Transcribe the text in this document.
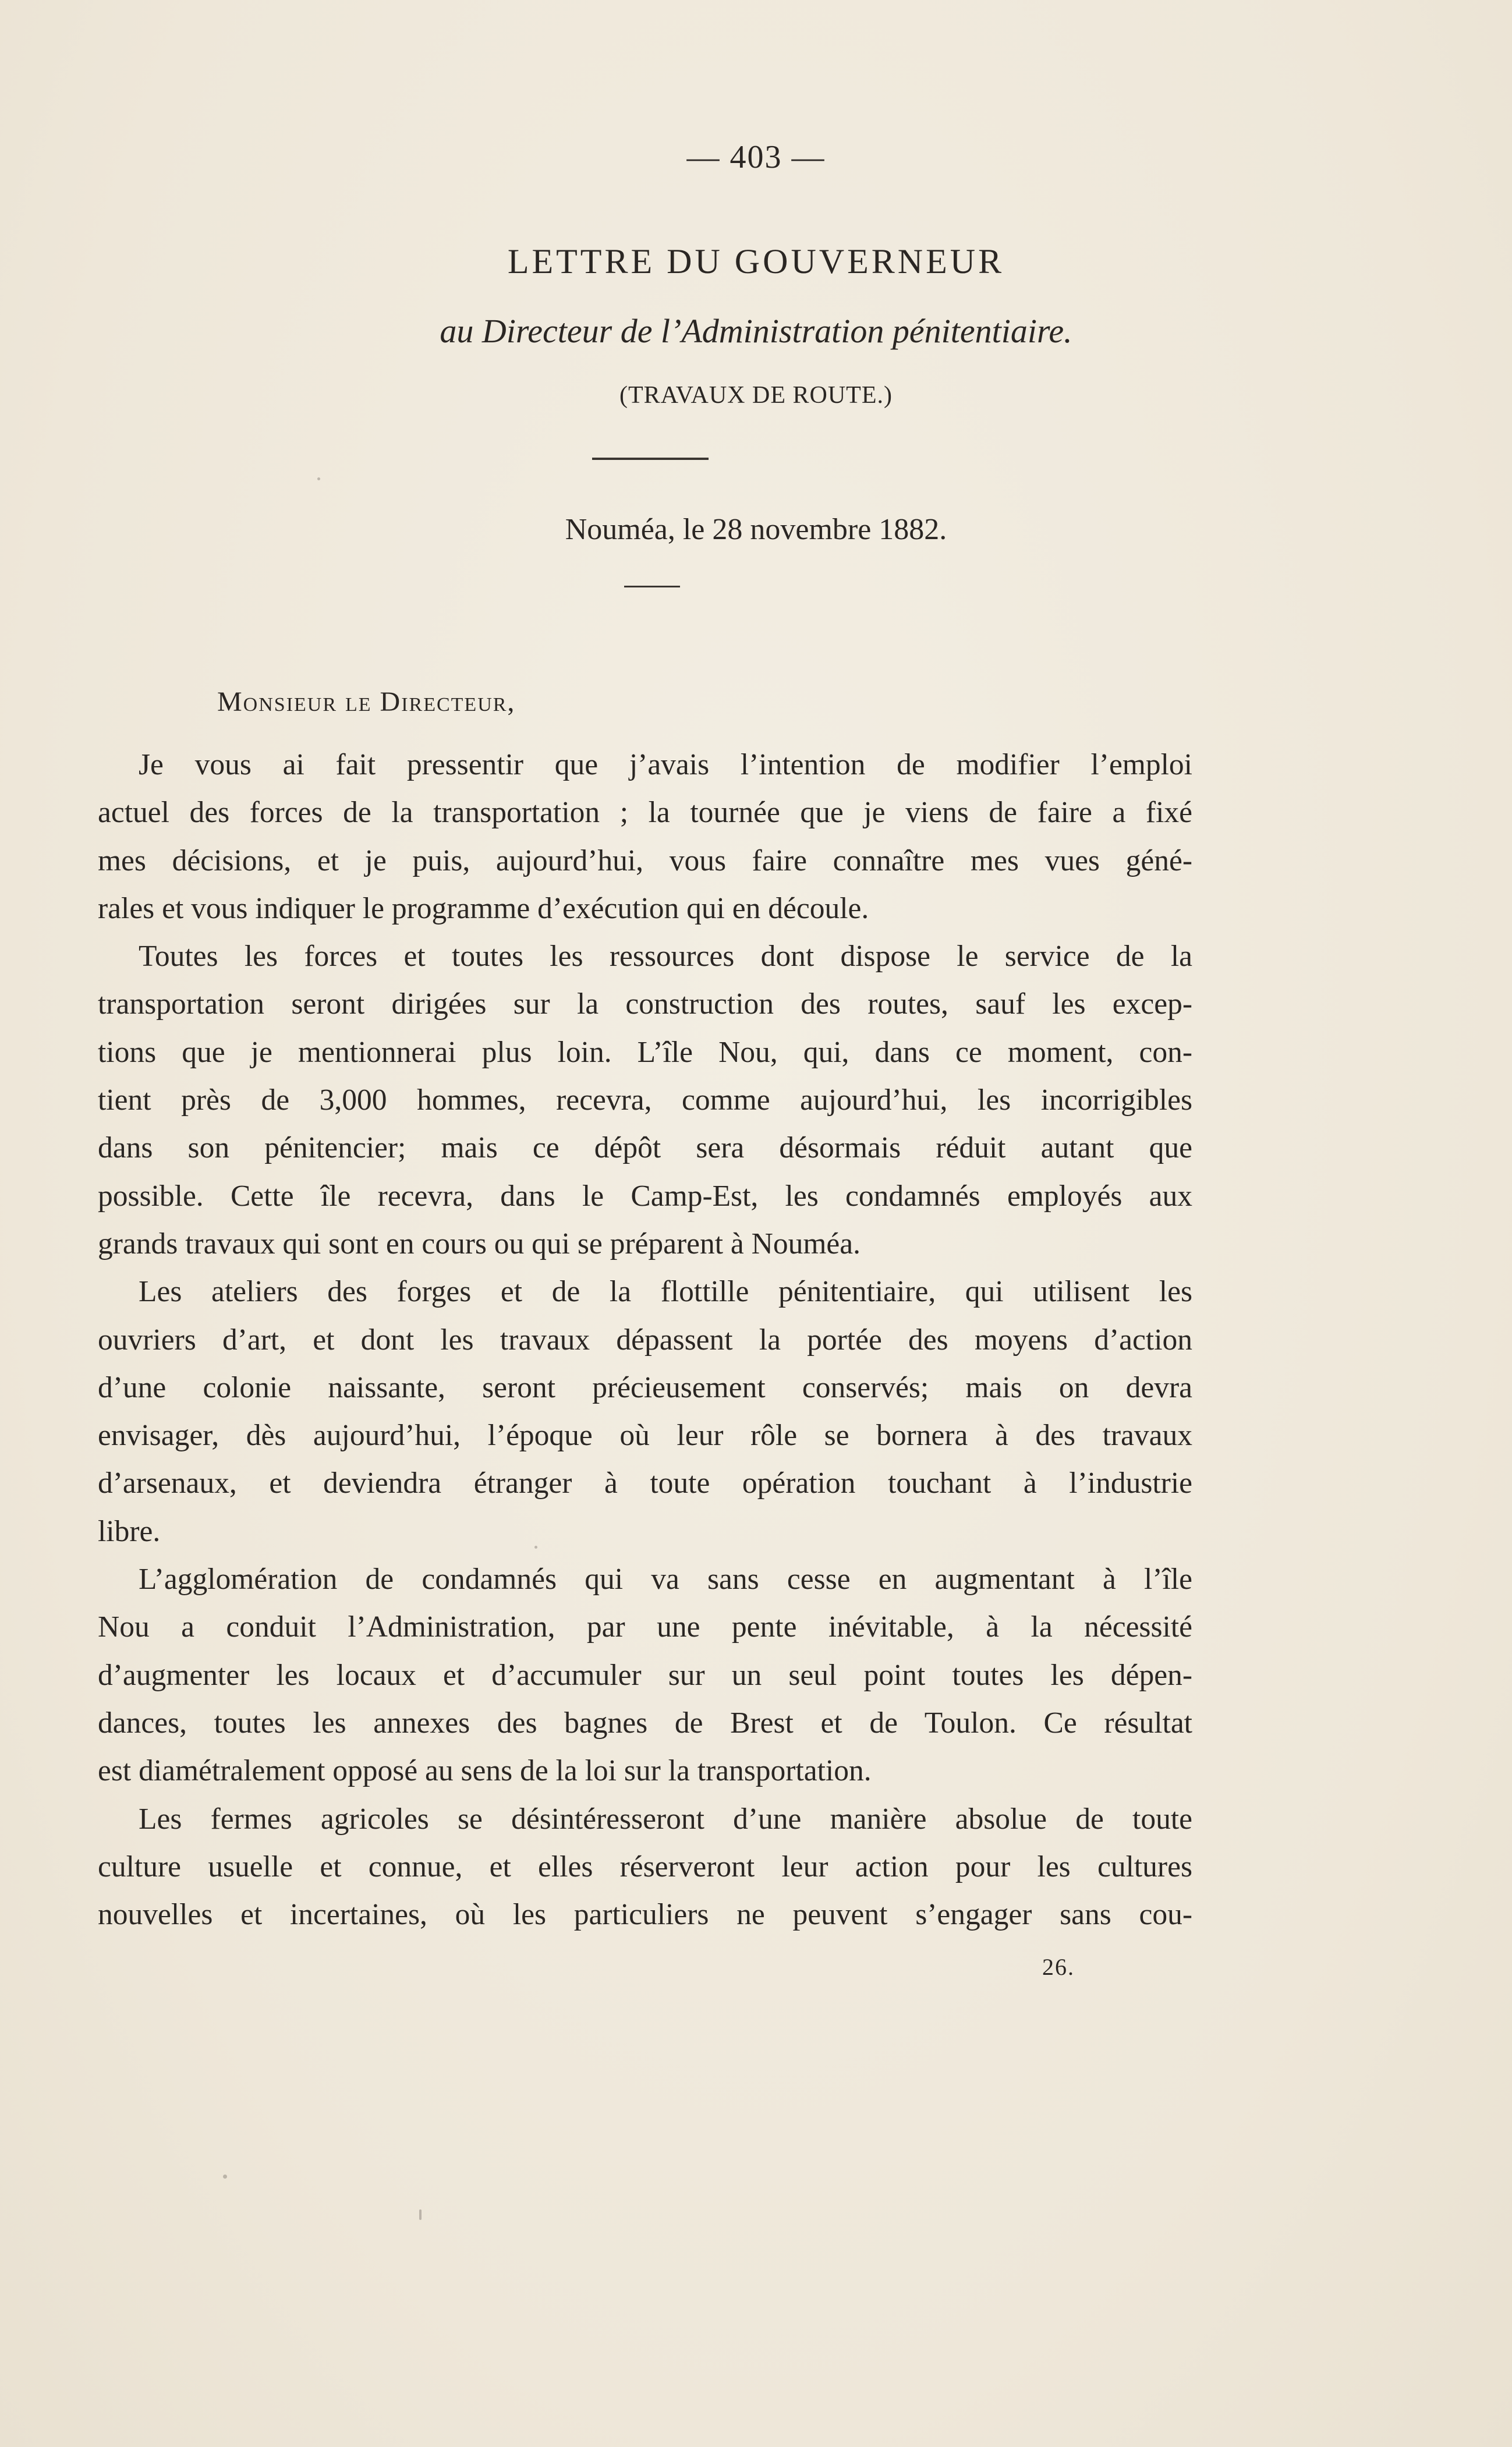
— 403 —
LETTRE DU GOUVERNEUR
au Directeur de l’Administration pénitentiaire.
(TRAVAUX DE ROUTE.)
Nouméa, le 28 novembre 1882.
Monsieur le Directeur,

Je vous ai fait pressentir que j’avais l’intention de modifier l’emploi
actuel des forces de la transportation ; la tournée que je viens de faire a fixé
mes décisions, et je puis, aujourd’hui, vous faire connaître mes vues géné-
rales et vous indiquer le programme d’exécution qui en découle.

Toutes les forces et toutes les ressources dont dispose le service de la
transportation seront dirigées sur la construction des routes, sauf les excep-
tions que je mentionnerai plus loin. L’île Nou, qui, dans ce moment, con-
tient près de 3,000 hommes, recevra, comme aujourd’hui, les incorrigibles
dans son pénitencier; mais ce dépôt sera désormais réduit autant que
possible. Cette île recevra, dans le Camp-Est, les condamnés employés aux
grands travaux qui sont en cours ou qui se préparent à Nouméa.

Les ateliers des forges et de la flottille pénitentiaire, qui utilisent les
ouvriers d’art, et dont les travaux dépassent la portée des moyens d’action
d’une colonie naissante, seront précieusement conservés; mais on devra
envisager, dès aujourd’hui, l’époque où leur rôle se bornera à des travaux
d’arsenaux, et deviendra étranger à toute opération touchant à l’industrie
libre.

L’agglomération de condamnés qui va sans cesse en augmentant à l’île
Nou a conduit l’Administration, par une pente inévitable, à la nécessité
d’augmenter les locaux et d’accumuler sur un seul point toutes les dépen-
dances, toutes les annexes des bagnes de Brest et de Toulon. Ce résultat
est diamétralement opposé au sens de la loi sur la transportation.

Les fermes agricoles se désintéresseront d’une manière absolue de toute
culture usuelle et connue, et elles réserveront leur action pour les cultures
nouvelles et incertaines, où les particuliers ne peuvent s’engager sans cou-

26.
